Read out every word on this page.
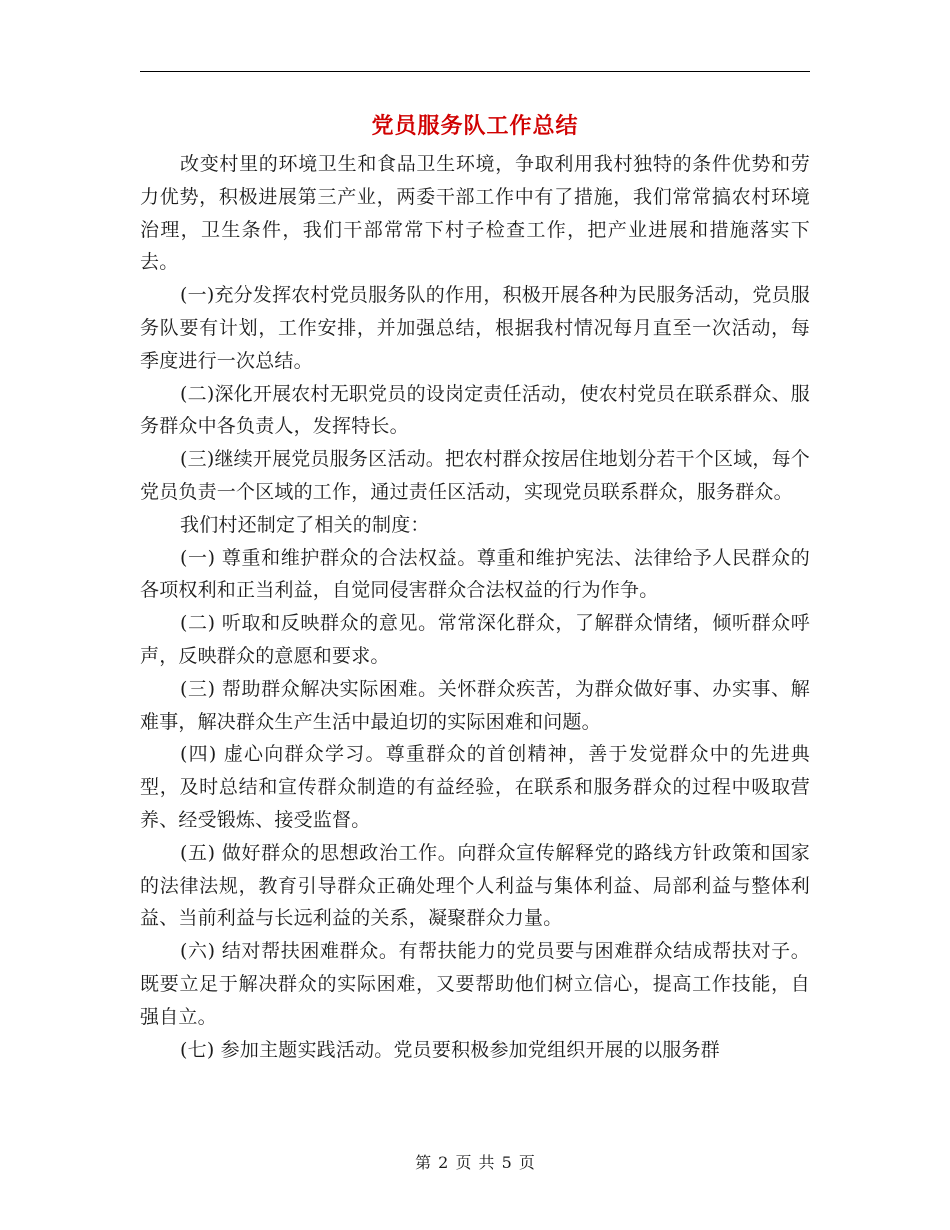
党员服务队工作总结

改变村里的环境卫生和食品卫生环境，争取利用我村独特的条件优势和劳力优势，积极进展第三产业，两委干部工作中有了措施，我们常常搞农村环境治理，卫生条件，我们干部常常下村子检查工作，把产业进展和措施落实下去。

(一)充分发挥农村党员服务队的作用，积极开展各种为民服务活动，党员服务队要有计划，工作安排，并加强总结，根据我村情况每月直至一次活动，每季度进行一次总结。

(二)深化开展农村无职党员的设岗定责任活动，使农村党员在联系群众、服务群众中各负责人，发挥特长。

(三)继续开展党员服务区活动。把农村群众按居住地划分若干个区域，每个党员负责一个区域的工作，通过责任区活动，实现党员联系群众，服务群众。

我们村还制定了相关的制度：

(一) 尊重和维护群众的合法权益。尊重和维护宪法、法律给予人民群众的各项权利和正当利益，自觉同侵害群众合法权益的行为作争。

(二) 听取和反映群众的意见。常常深化群众，了解群众情绪，倾听群众呼声，反映群众的意愿和要求。

(三) 帮助群众解决实际困难。关怀群众疾苦，为群众做好事、办实事、解难事，解决群众生产生活中最迫切的实际困难和问题。

(四) 虚心向群众学习。尊重群众的首创精神，善于发觉群众中的先进典型，及时总结和宣传群众制造的有益经验，在联系和服务群众的过程中吸取营养、经受锻炼、接受监督。

(五) 做好群众的思想政治工作。向群众宣传解释党的路线方针政策和国家的法律法规，教育引导群众正确处理个人利益与集体利益、局部利益与整体利益、当前利益与长远利益的关系，凝聚群众力量。

(六) 结对帮扶困难群众。有帮扶能力的党员要与困难群众结成帮扶对子。既要立足于解决群众的实际困难，又要帮助他们树立信心，提高工作技能，自强自立。

(七) 参加主题实践活动。党员要积极参加党组织开展的以服务群

第 2 页 共 5 页
